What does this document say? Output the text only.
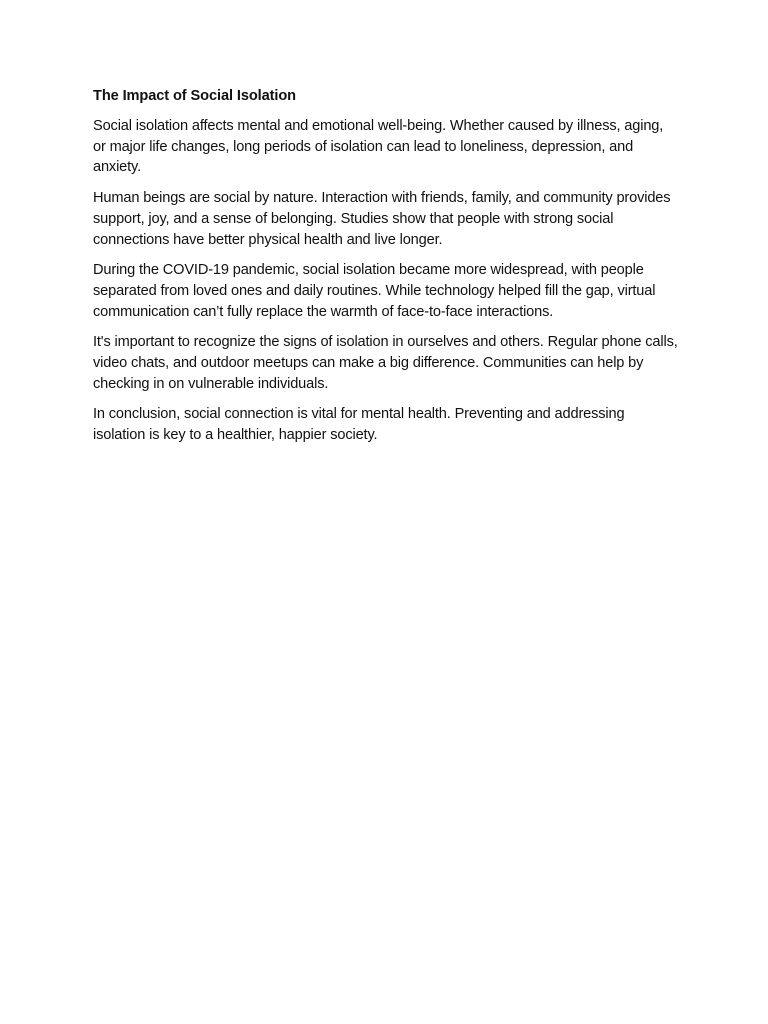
The Impact of Social Isolation

Social isolation affects mental and emotional well-being. Whether caused by illness, aging, or major life changes, long periods of isolation can lead to loneliness, depression, and anxiety.

Human beings are social by nature. Interaction with friends, family, and community provides support, joy, and a sense of belonging. Studies show that people with strong social connections have better physical health and live longer.

During the COVID-19 pandemic, social isolation became more widespread, with people separated from loved ones and daily routines. While technology helped fill the gap, virtual communication can’t fully replace the warmth of face-to-face interactions.

It's important to recognize the signs of isolation in ourselves and others. Regular phone calls, video chats, and outdoor meetups can make a big difference. Communities can help by checking in on vulnerable individuals.

In conclusion, social connection is vital for mental health. Preventing and addressing isolation is key to a healthier, happier society.
